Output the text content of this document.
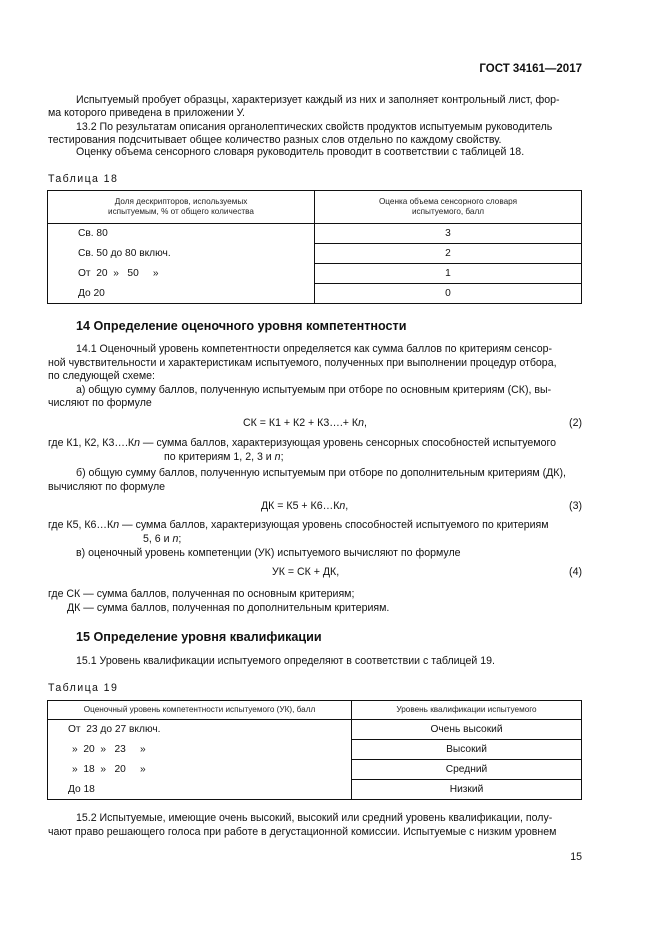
ГОСТ 34161—2017
Испытуемый пробует образцы, характеризует каждый из них и заполняет контрольный лист, фор-
ма которого приведена в приложении У.
13.2 По результатам описания органолептических свойств продуктов испытуемым руководитель
тестирования подсчитывает общее количество разных слов отдельно по каждому свойству.
Оценку объема сенсорного словаря руководитель проводит в соответствии с таблицей 18.
Таблица 18
Доля дескрипторов, используемых
испытуемым, % от общего количества	Оценка объема сенсорного словаря
испытуемого, балл
Св. 80	3
Св. 50 до 80 включ.	2
От  20  »   50     »	1
До 20	0
14 Определение оценочного уровня компетентности
14.1 Оценочный уровень компетентности определяется как сумма баллов по критериям сенсор-
ной чувствительности и характеристикам испытуемого, полученных при выполнении процедур отбора,
по следующей схеме:
а) общую сумму баллов, полученную испытуемым при отборе по основным критериям (СК), вы-
числяют по формуле
СК = К1 + К2 + К3….+ Кn,	(2)
где К1, К2, К3….Кn — сумма баллов, характеризующая уровень сенсорных способностей испытуемого
по критериям 1, 2, 3 и n;
б) общую сумму баллов, полученную испытуемым при отборе по дополнительным критериям (ДК),
вычисляют по формуле
ДК = К5 + К6…Кn,	(3)
где К5, К6…Кn — сумма баллов, характеризующая уровень способностей испытуемого по критериям
5, 6 и n;
в) оценочный уровень компетенции (УК) испытуемого вычисляют по формуле
УК = СК + ДК,	(4)
где СК — сумма баллов, полученная по основным критериям;
ДК — сумма баллов, полученная по дополнительным критериям.
15 Определение уровня квалификации
15.1 Уровень квалификации испытуемого определяют в соответствии с таблицей 19.
Таблица 19
Оценочный уровень компетентности испытуемого (УК), балл	Уровень квалификации испытуемого
От  23 до 27 включ.	Очень высокий
»  20  »   23     »	Высокий
»  18  »   20     »	Средний
До 18	Низкий
15.2 Испытуемые, имеющие очень высокий, высокий или средний уровень квалификации, полу-
чают право решающего голоса при работе в дегустационной комиссии. Испытуемые с низким уровнем
15
